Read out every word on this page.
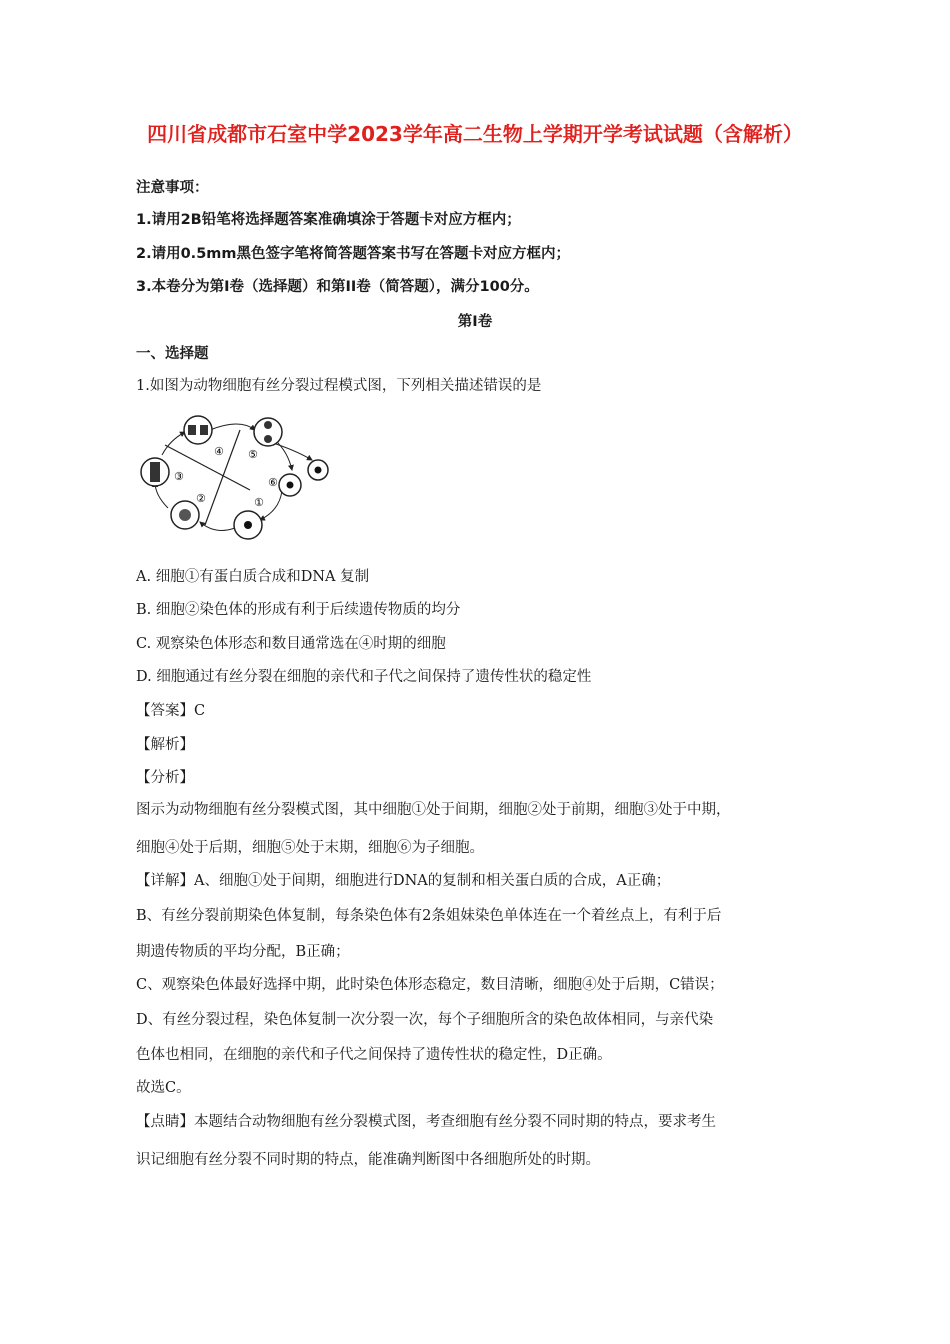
四川省成都市石室中学2023学年高二生物上学期开学考试试题（含解析）
注意事项：
1.请用2B铅笔将选择题答案准确填涂于答题卡对应方框内；
2.请用0.5mm黑色签字笔将简答题答案书写在答题卡对应方框内；
3.本卷分为第I卷（选择题）和第II卷（简答题），满分100分。
第I卷
一、选择题
1.如图为动物细胞有丝分裂过程模式图，下列相关描述错误的是
④ ⑤
③	⑥
②	①
A. 细胞①有蛋白质合成和DNA 复制
B. 细胞②染色体的形成有利于后续遗传物质的均分
C. 观察染色体形态和数目通常选在④时期的细胞
D. 细胞通过有丝分裂在细胞的亲代和子代之间保持了遗传性状的稳定性
【答案】C
【解析】
【分析】
图示为动物细胞有丝分裂模式图，其中细胞①处于间期，细胞②处于前期，细胞③处于中期，
细胞④处于后期，细胞⑤处于末期，细胞⑥为子细胞。
【详解】A、细胞①处于间期，细胞进行DNA的复制和相关蛋白质的合成，A正确；
B、有丝分裂前期染色体复制，每条染色体有2条姐妹染色单体连在一个着丝点上，有利于后
期遗传物质的平均分配，B正确；
C、观察染色体最好选择中期，此时染色体形态稳定，数目清晰，细胞④处于后期，C错误；
D、有丝分裂过程，染色体复制一次分裂一次，每个子细胞所含的染色故体相同，与亲代染
色体也相同，在细胞的亲代和子代之间保持了遗传性状的稳定性，D正确。
故选C。
【点睛】本题结合动物细胞有丝分裂模式图，考查细胞有丝分裂不同时期的特点，要求考生
识记细胞有丝分裂不同时期的特点，能准确判断图中各细胞所处的时期。
